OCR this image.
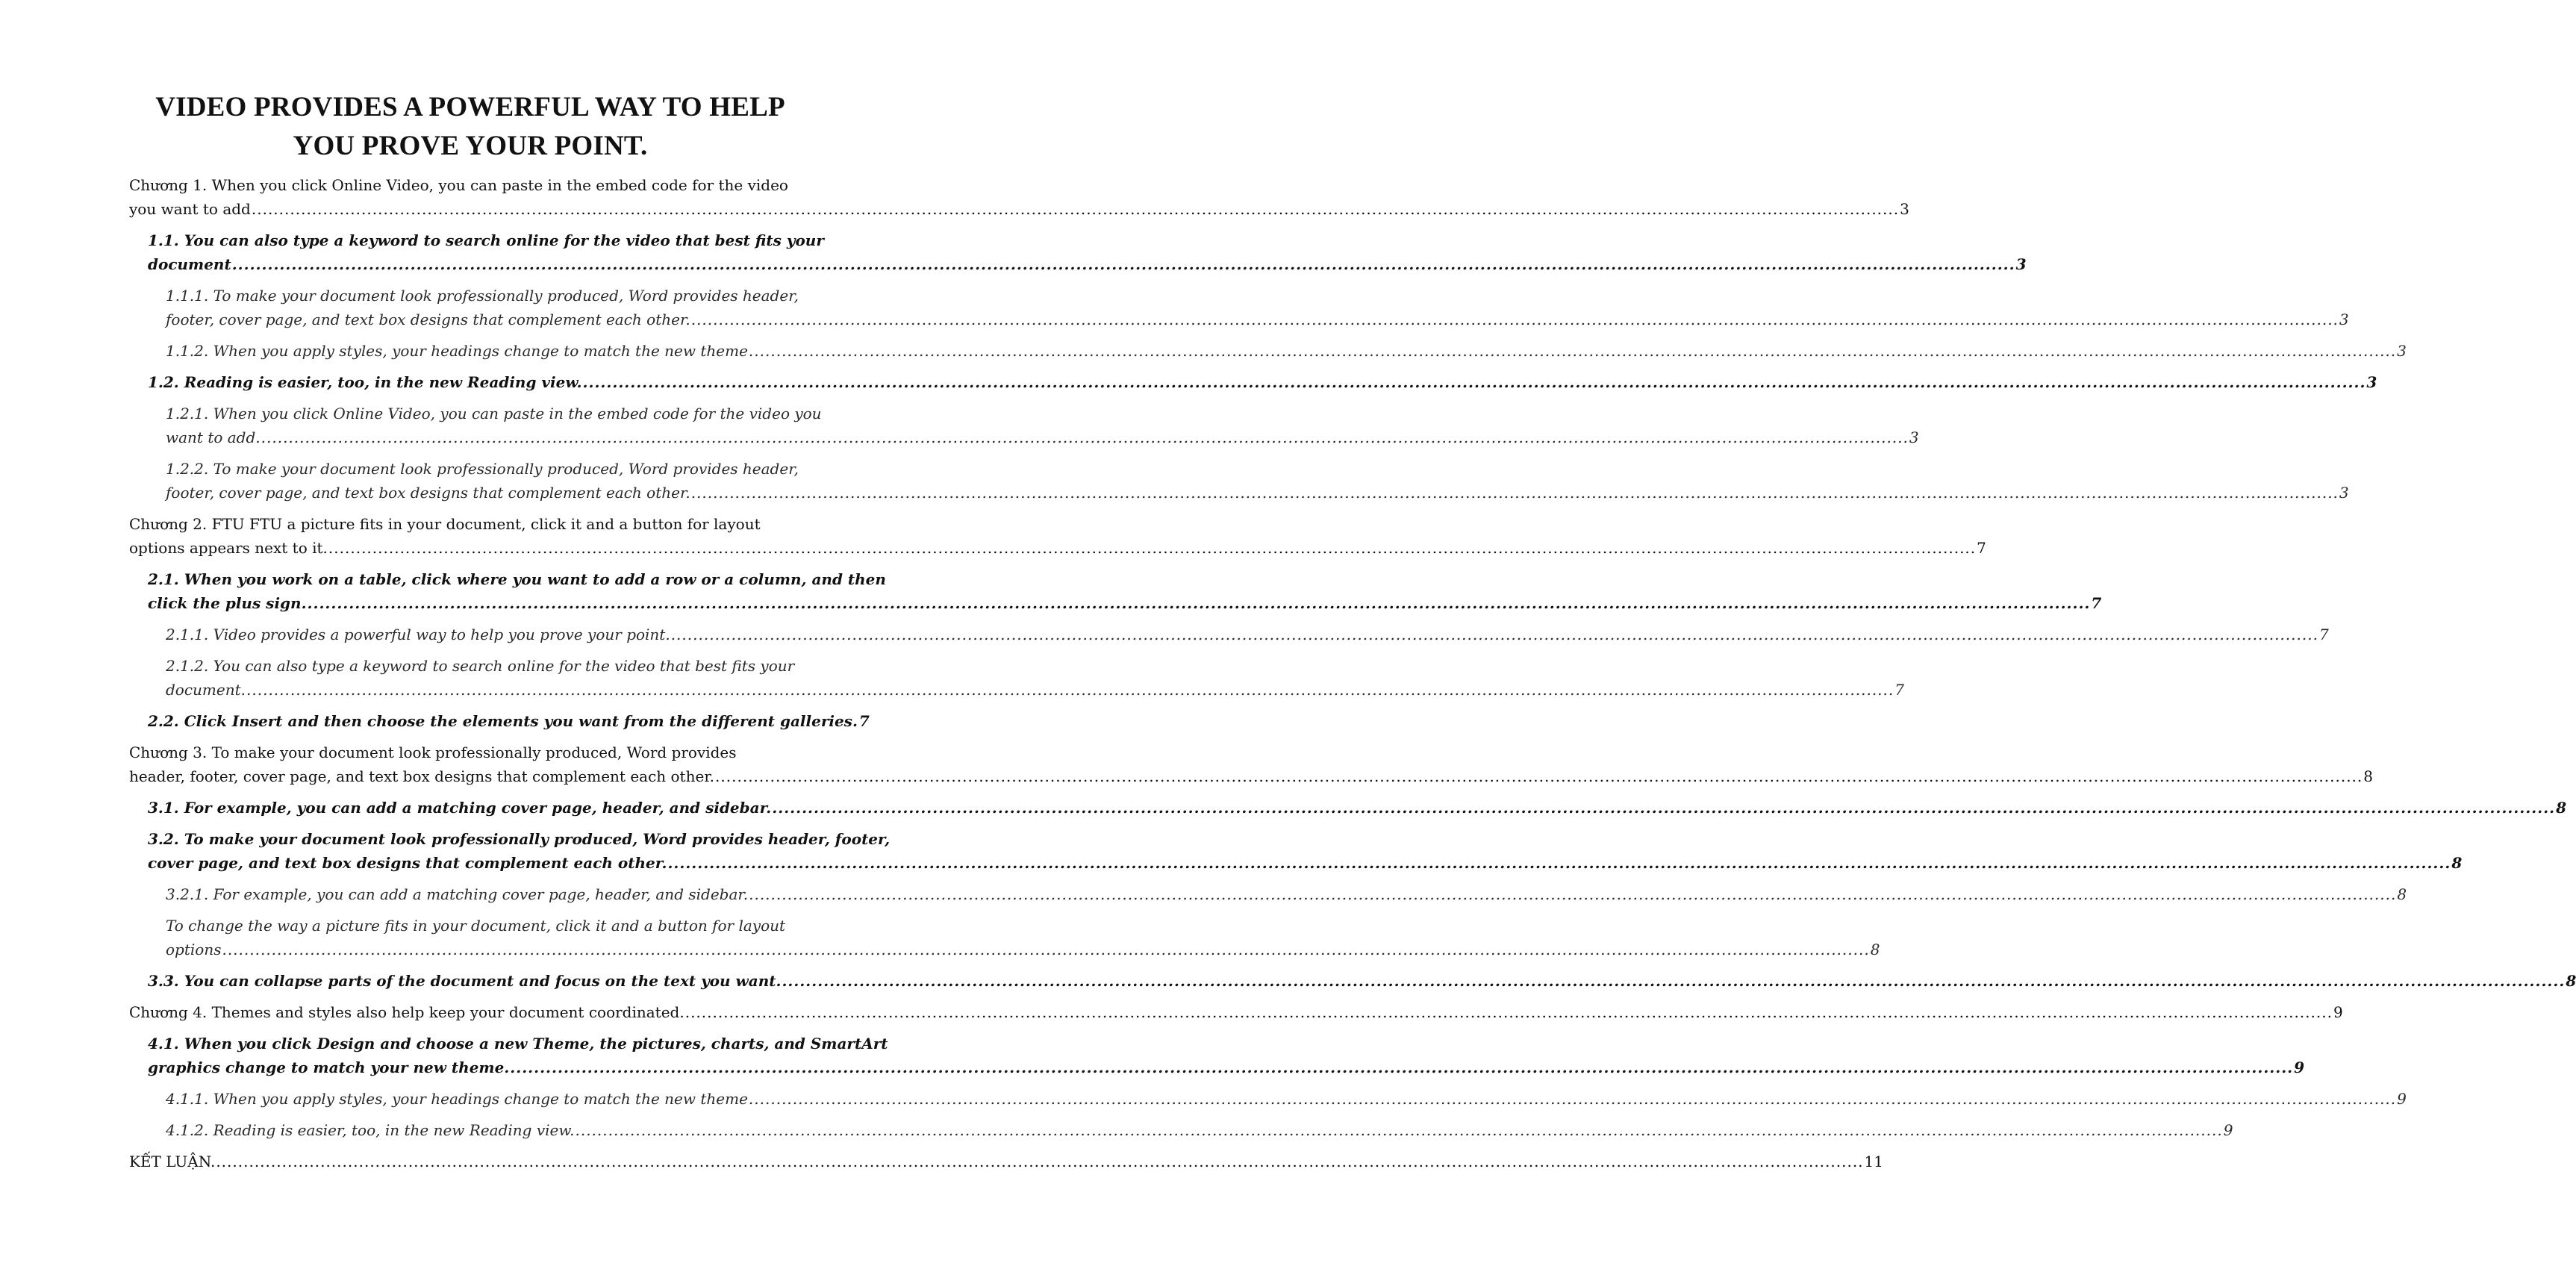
VIDEO PROVIDES A POWERFUL WAY TO HELP
YOU PROVE YOUR POINT.
Chương 1. When you click Online Video, you can paste in the embed code for the video
you want to add ............................................................................................................................................................................................................................................................................................................ 3
1.1. You can also type a keyword to search online for the video that best fits your
document ............................................................................................................................................................................................................................................................................................................ 3
1.1.1. To make your document look professionally produced, Word provides header,
footer, cover page, and text box designs that complement each other. ............................................................................................................................................................................................................................................................................................................ 3
1.1.2. When you apply styles, your headings change to match the new theme ............................................................................................................................................................................................................................................................................................................ 3
1.2. Reading is easier, too, in the new Reading view. ............................................................................................................................................................................................................................................................................................................ 3
1.2.1. When you click Online Video, you can paste in the embed code for the video you
want to add. ............................................................................................................................................................................................................................................................................................................ 3
1.2.2. To make your document look professionally produced, Word provides header,
footer, cover page, and text box designs that complement each other. ............................................................................................................................................................................................................................................................................................................ 3
Chương 2. FTU FTU a picture fits in your document, click it and a button for layout
options appears next to it. ............................................................................................................................................................................................................................................................................................................ 7
2.1. When you work on a table, click where you want to add a row or a column, and then
click the plus sign. ............................................................................................................................................................................................................................................................................................................ 7
2.1.1. Video provides a powerful way to help you prove your point. ............................................................................................................................................................................................................................................................................................................ 7
2.1.2. You can also type a keyword to search online for the video that best fits your
document. ............................................................................................................................................................................................................................................................................................................ 7
2.2. Click Insert and then choose the elements you want from the different galleries. 7
Chương 3. To make your document look professionally produced, Word provides
header, footer, cover page, and text box designs that complement each other. ............................................................................................................................................................................................................................................................................................................ 8
3.1. For example, you can add a matching cover page, header, and sidebar. ............................................................................................................................................................................................................................................................................................................ 8
3.2. To make your document look professionally produced, Word provides header, footer,
cover page, and text box designs that complement each other. ............................................................................................................................................................................................................................................................................................................ 8
3.2.1. For example, you can add a matching cover page, header, and sidebar. ............................................................................................................................................................................................................................................................................................................ 8
To change the way a picture fits in your document, click it and a button for layout
options ............................................................................................................................................................................................................................................................................................................ 8
3.3. You can collapse parts of the document and focus on the text you want. ............................................................................................................................................................................................................................................................................................................ 8
Chương 4. Themes and styles also help keep your document coordinated. ............................................................................................................................................................................................................................................................................................................ 9
4.1. When you click Design and choose a new Theme, the pictures, charts, and SmartArt
graphics change to match your new theme. ............................................................................................................................................................................................................................................................................................................ 9
4.1.1. When you apply styles, your headings change to match the new theme ............................................................................................................................................................................................................................................................................................................ 9
4.1.2. Reading is easier, too, in the new Reading view. ............................................................................................................................................................................................................................................................................................................ 9
KẾT LUẬN. ............................................................................................................................................................................................................................................................................................................ 11
